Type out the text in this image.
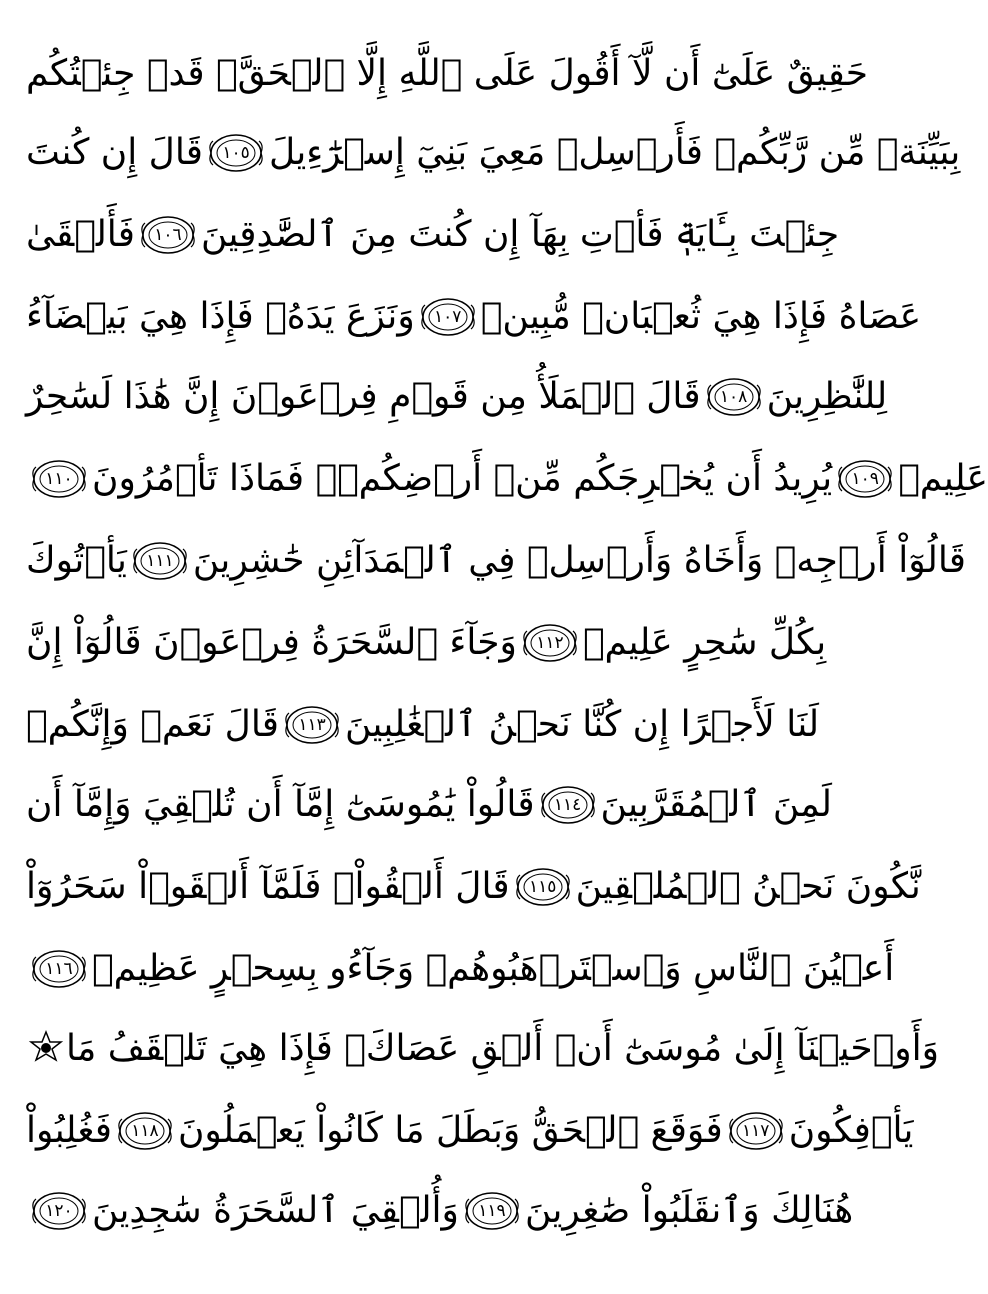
حَقِيقٌ عَلَىٰٓ أَن لَّآ أَقُولَ عَلَى ٱللَّهِ إِلَّا ٱلۡحَقَّۚ قَدۡ جِئۡتُكُم
قَالَ إِن كُنتَ ١٠٥ بِبَيِّنَةٖ مِّن رَّبِّكُمۡ فَأَرۡسِلۡ مَعِيَ بَنِيٓ إِسۡرَٰٓءِيلَ
فَأَلۡقَىٰ ١٠٦ جِئۡتَ بِـَٔايَةٖ فَأۡتِ بِهَآ إِن كُنتَ مِنَ ٱلصَّٰدِقِينَ
وَنَزَعَ يَدَهُۥ فَإِذَا هِيَ بَيۡضَآءُ ١٠٧ عَصَاهُ فَإِذَا هِيَ ثُعۡبَانٞ مُّبِينٞ
قَالَ ٱلۡمَلَأُ مِن قَوۡمِ فِرۡعَوۡنَ إِنَّ هَٰذَا لَسَٰحِرٌ ١٠٨ لِلنَّٰظِرِينَ
١١٠ يُرِيدُ أَن يُخۡرِجَكُم مِّنۡ أَرۡضِكُمۡۖ فَمَاذَا تَأۡمُرُونَ ١٠٩ عَلِيمٞ
يَأۡتُوكَ ١١١ قَالُوٓاْ أَرۡجِهۡ وَأَخَاهُ وَأَرۡسِلۡ فِي ٱلۡمَدَآئِنِ حَٰشِرِينَ
وَجَآءَ ٱلسَّحَرَةُ فِرۡعَوۡنَ قَالُوٓاْ إِنَّ ١١٢ بِكُلِّ سَٰحِرٍ عَلِيمٖ
قَالَ نَعَمۡ وَإِنَّكُمۡ ١١٣ لَنَا لَأَجۡرًا إِن كُنَّا نَحۡنُ ٱلۡغَٰلِبِينَ
قَالُواْ يَٰمُوسَىٰٓ إِمَّآ أَن تُلۡقِيَ وَإِمَّآ أَن ١١٤ لَمِنَ ٱلۡمُقَرَّبِينَ
قَالَ أَلۡقُواْۖ فَلَمَّآ أَلۡقَوۡاْ سَحَرُوٓاْ ١١٥ نَّكُونَ نَحۡنُ ٱلۡمُلۡقِينَ
١١٦ أَعۡيُنَ ٱلنَّاسِ وَٱسۡتَرۡهَبُوهُمۡ وَجَآءُو بِسِحۡرٍ عَظِيمٖ
وَأَوۡحَيۡنَآ إِلَىٰ مُوسَىٰٓ أَنۡ أَلۡقِ عَصَاكَۖ فَإِذَا هِيَ تَلۡقَفُ مَا
فَغُلِبُواْ ١١٨ فَوَقَعَ ٱلۡحَقُّ وَبَطَلَ مَا كَانُواْ يَعۡمَلُونَ ١١٧ يَأۡفِكُونَ
١٢٠ وَأُلۡقِيَ ٱلسَّحَرَةُ سَٰجِدِينَ ١١٩ هُنَالِكَ وَٱنقَلَبُواْ صَٰغِرِينَ
